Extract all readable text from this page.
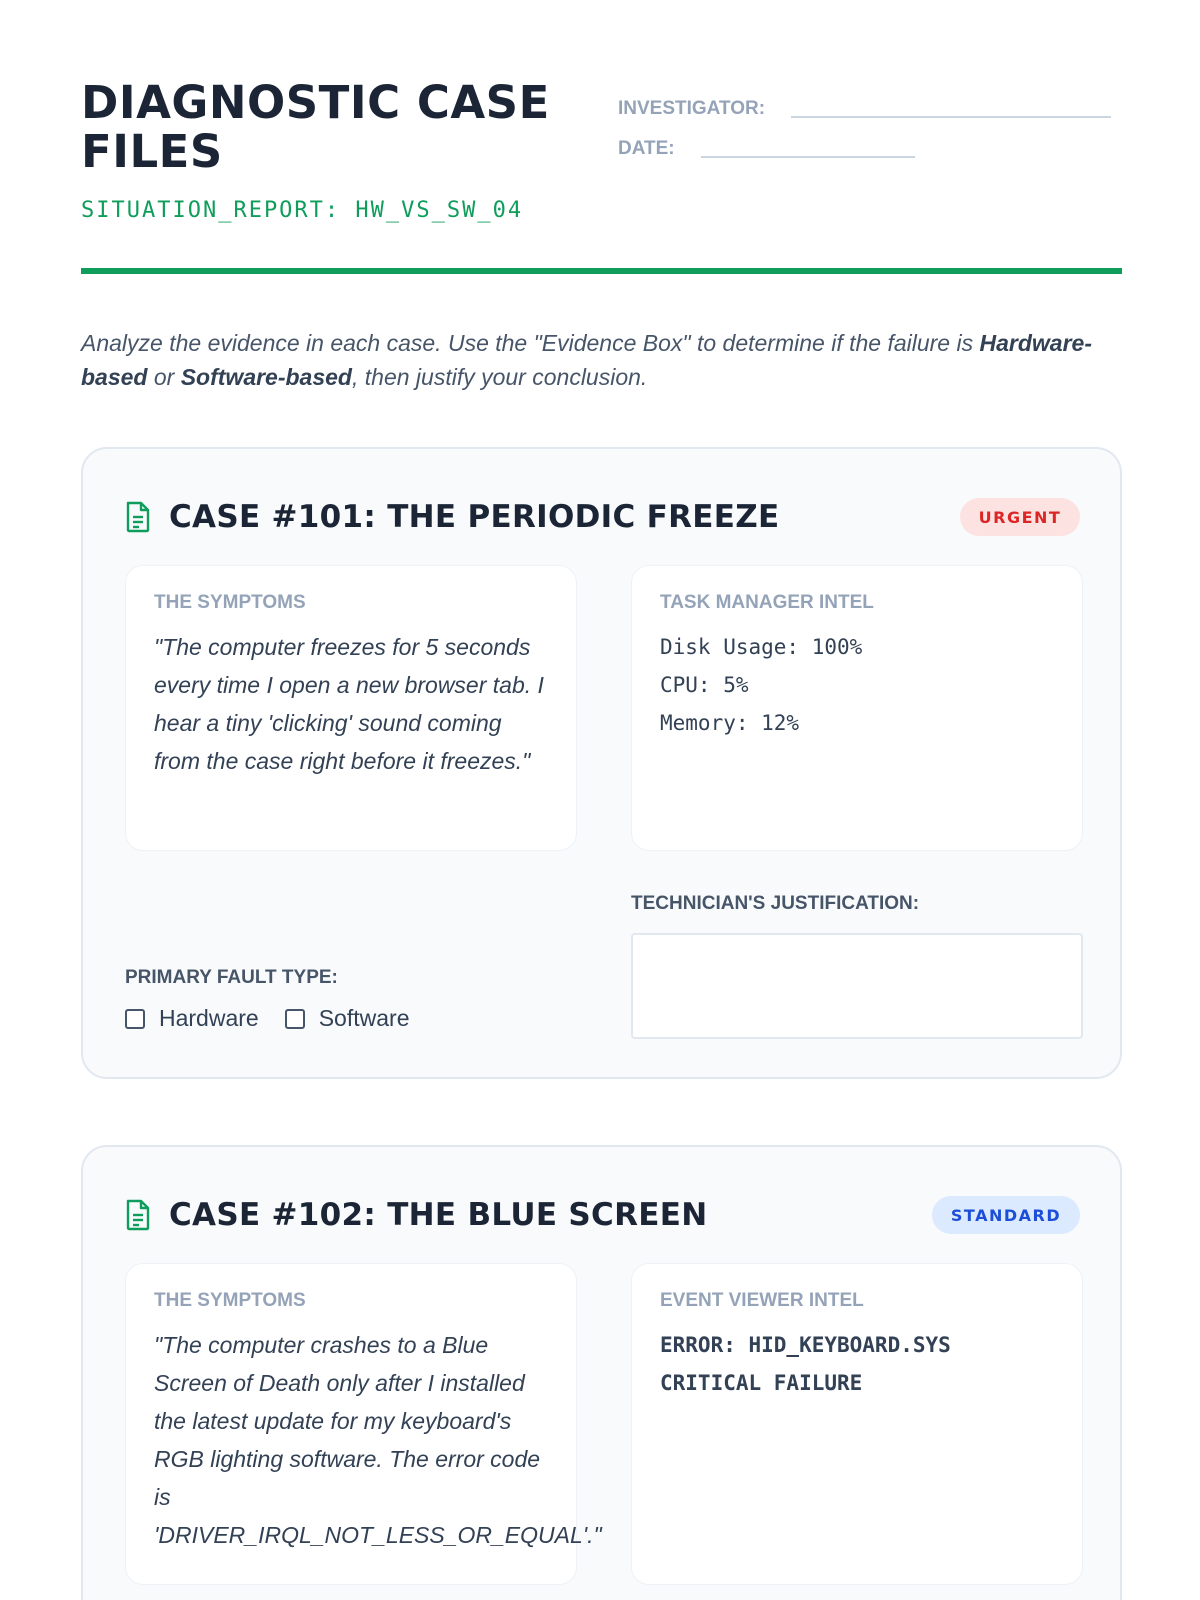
DIAGNOSTIC CASE FILES
SITUATION_REPORT: HW_VS_SW_04
INVESTIGATOR:
DATE:

Analyze the evidence in each case. Use the "Evidence Box" to determine if the failure is Hardware-based or Software-based, then justify your conclusion.

CASE #101: THE PERIODIC FREEZE	URGENT
THE SYMPTOMS

"The computer freezes for 5 seconds every time I open a new browser tab. I hear a tiny 'clicking' sound coming from the case right before it freezes."

TASK MANAGER INTEL
Disk Usage: 100%
CPU: 5%
Memory: 12%
TECHNICIAN'S JUSTIFICATION:
PRIMARY FAULT TYPE:
Hardware	Software
CASE #102: THE BLUE SCREEN	STANDARD
THE SYMPTOMS

"The computer crashes to a Blue Screen of Death only after I installed the latest update for my keyboard's RGB lighting software. The error code is 'DRIVER_IRQL_NOT_LESS_OR_EQUAL'."

EVENT VIEWER INTEL
ERROR: HID_KEYBOARD.SYS
CRITICAL FAILURE
